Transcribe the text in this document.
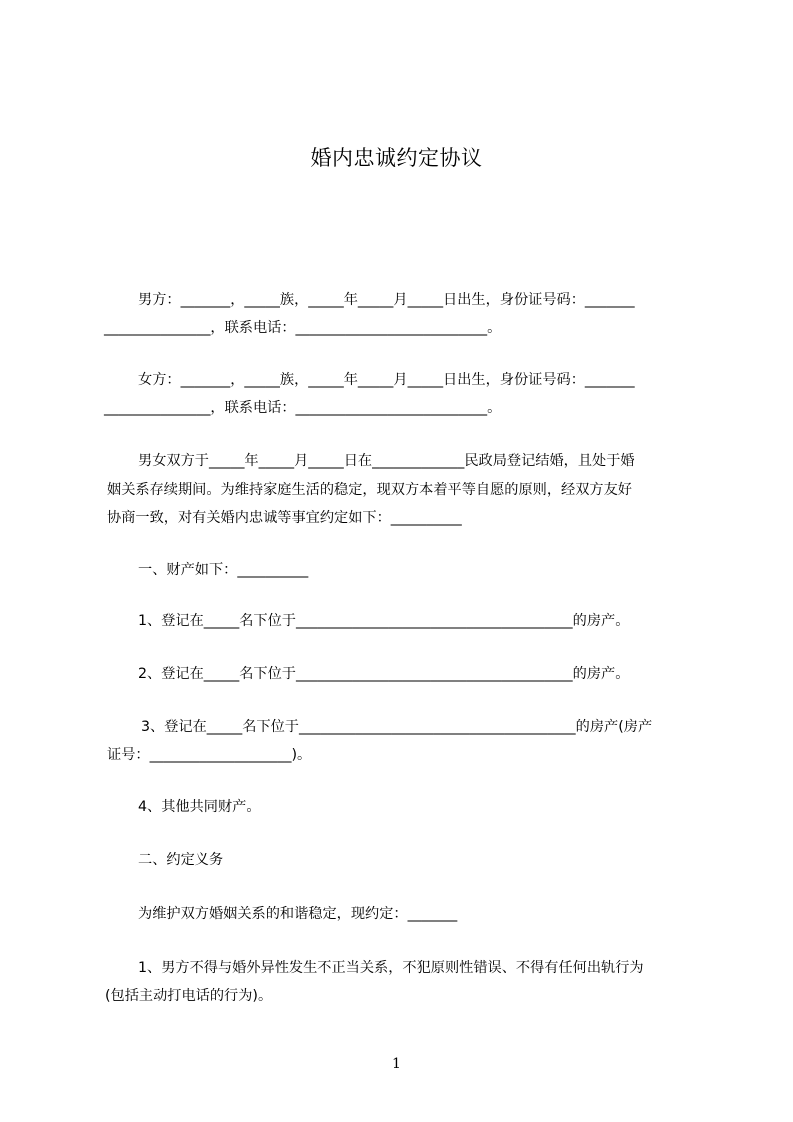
婚内忠诚约定协议
男方：_______，_____族，_____年_____月_____日出生，身份证号码：_______
_______________，联系电话：___________________________。
女方：_______，_____族，_____年_____月_____日出生，身份证号码：_______
_______________，联系电话：___________________________。
男女双方于_____年_____月_____日在_____________民政局登记结婚，且处于婚
姻关系存续期间。为维持家庭生活的稳定，现双方本着平等自愿的原则，经双方友好
协商一致，对有关婚内忠诚等事宜约定如下：__________
一、财产如下：__________
1、登记在_____名下位于_______________________________________的房产。
2、登记在_____名下位于_______________________________________的房产。
3、登记在_____名下位于_______________________________________的房产(房产
证号：____________________)。
4、其他共同财产。
二、约定义务
为维护双方婚姻关系的和谐稳定，现约定：_______
1、男方不得与婚外异性发生不正当关系，不犯原则性错误、不得有任何出轨行为
(包括主动打电话的行为)。
1
